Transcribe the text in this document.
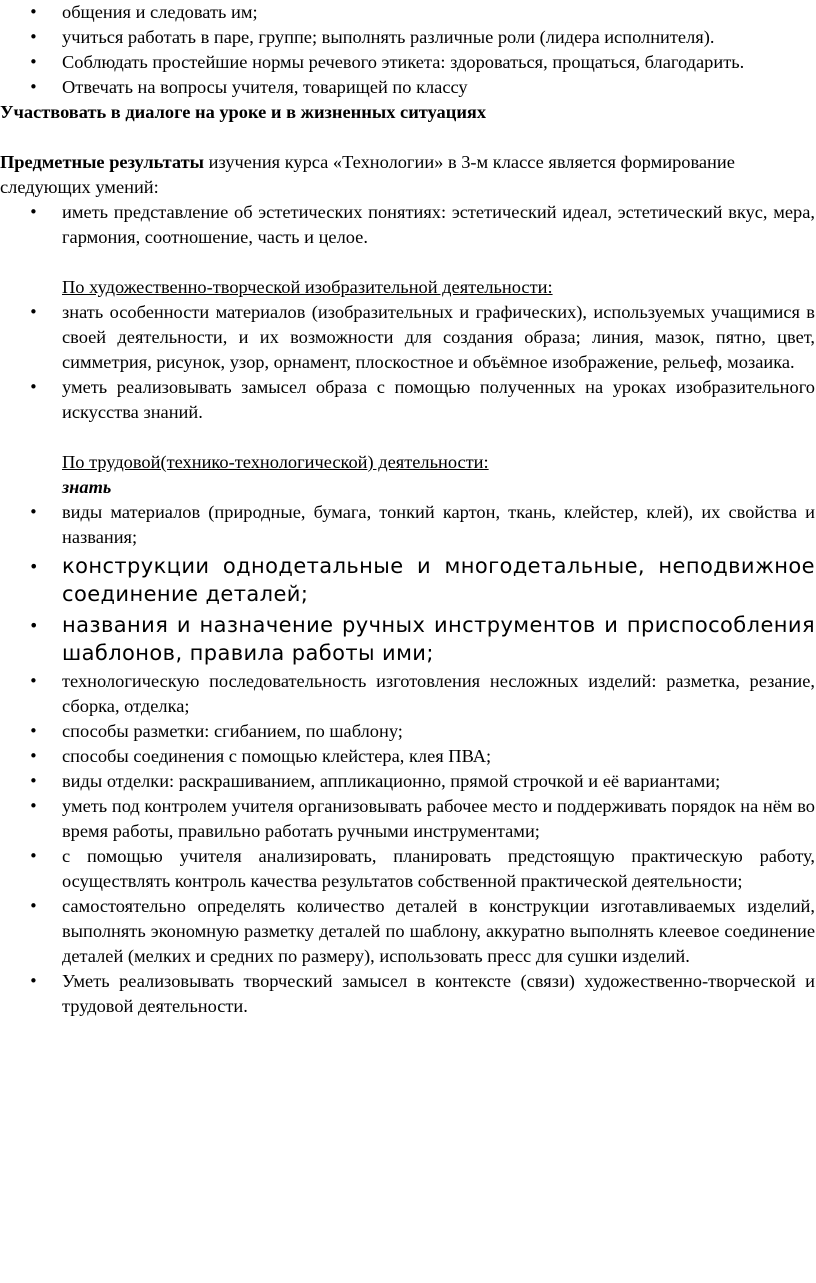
• общения и следовать им;
• учиться работать в паре, группе; выполнять различные роли (лидера исполнителя).
• Соблюдать простейшие нормы речевого этикета: здороваться, прощаться, благодарить.
• Отвечать на вопросы учителя, товарищей по классу

Участвовать в диалоге на уроке и в жизненных ситуациях

Предметные результаты изучения курса «Технологии» в 3-м классе является формирование следующих умений:

• иметь представление об эстетических понятиях: эстетический идеал, эстетический вкус, мера, гармония, соотношение, часть и целое.

По художественно-творческой изобразительной деятельности:

• знать особенности материалов (изобразительных и графических), используемых учащимися в своей деятельности, и их возможности для создания образа; линия, мазок, пятно, цвет, симметрия, рисунок, узор, орнамент, плоскостное и объёмное изображение, рельеф, мозаика.
• уметь реализовывать замысел образа с помощью полученных на уроках изобразительного искусства знаний.

По трудовой(технико-технологической) деятельности:

знать

• виды материалов (природные, бумага, тонкий картон, ткань, клейстер, клей), их свойства и названия;
• конструкции однодетальные и многодетальные, неподвижное соединение деталей;
• названия и назначение ручных инструментов и приспособления шаблонов, правила работы ими;
• технологическую последовательность изготовления несложных изделий: разметка, резание, сборка, отделка;
• способы разметки: сгибанием, по шаблону;
• способы соединения с помощью клейстера, клея ПВА;
• виды отделки: раскрашиванием, аппликационно, прямой строчкой и её вариантами;
• уметь под контролем учителя организовывать рабочее место и поддерживать порядок на нём во время работы, правильно работать ручными инструментами;
• с помощью учителя анализировать, планировать предстоящую практическую работу, осуществлять контроль качества результатов собственной практической деятельности;
• самостоятельно определять количество деталей в конструкции изготавливаемых изделий, выполнять экономную разметку деталей по шаблону, аккуратно выполнять клеевое соединение деталей (мелких и средних по размеру), использовать пресс для сушки изделий.
• Уметь реализовывать творческий замысел в контексте (связи) художественно-творческой и трудовой деятельности.
